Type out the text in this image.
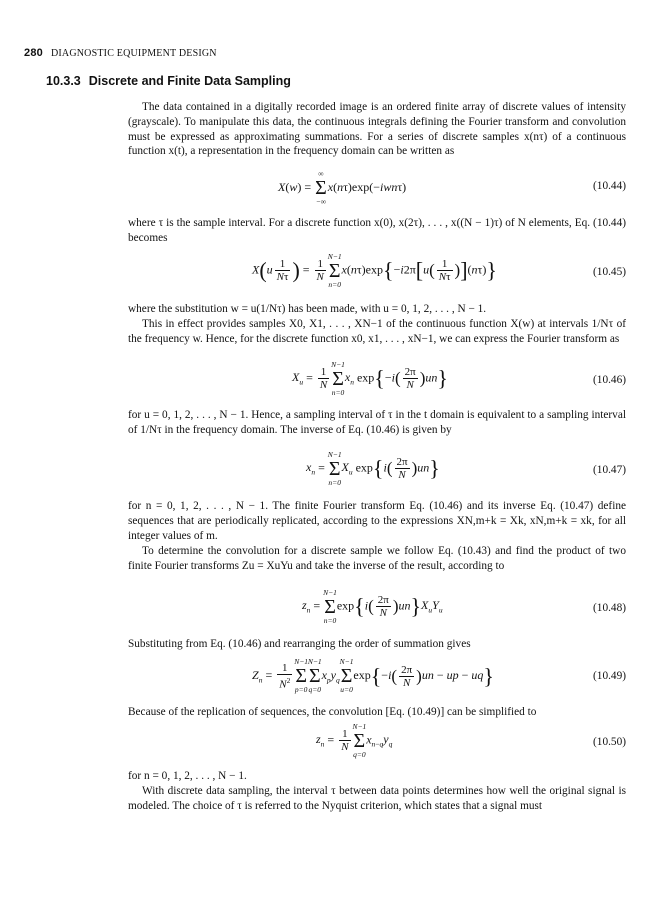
280 DIAGNOSTIC EQUIPMENT DESIGN
10.3.3 Discrete and Finite Data Sampling

The data contained in a digitally recorded image is an ordered finite array of discrete values of intensity (grayscale). To manipulate this data, the continuous integrals defining the Fourier transform and convolution must be expressed as approximating summations. For a series of discrete samples x(nτ) of a continuous function x(t), a representation in the frequency domain can be written as

X(w) = Σ
∞
−∞
x(nτ)exp(−iwnτ)	(10.44)

where τ is the sample interval. For a discrete function x(0), x(2τ), . . . , x((N − 1)τ) of N elements, Eq. (10.44) becomes

$X(u \frac{1}{N\tau}$ ) = $\frac{1}{N}$ Σ
N−1
n=0
$x(n\tau)\exp\{-i2\pi[u( \frac{1}{N\tau} )](n\tau)\}$	(10.45)

where the substitution w = u(1/Nτ) has been made, with u = 0, 1, 2, . . . , N − 1.

This in effect provides samples X0, X1, . . . , XN−1 of the continuous function X(w) at intervals 1/Nτ of the frequency w. Hence, for the discrete function x0, x1, . . . , xN−1, we can express the Fourier transform as

$X_u = \frac{1}{N}$ Σ
N−1
n=0
$x_n$ $\exp\{-i( \frac{2\pi}{N} )un\}$	(10.46)

for u = 0, 1, 2, . . . , N − 1. Hence, a sampling interval of τ in the t domain is equivalent to a sampling interval of 1/Nτ in the frequency domain. The inverse of Eq. (10.46) is given by

$x_n = \Sigma$
N−1
n=0
$X_u$ $\exp\{i( \frac{2\pi}{N} )un\}$	(10.47)

for n = 0, 1, 2, . . . , N − 1. The finite Fourier transform Eq. (10.46) and its inverse Eq. (10.47) define sequences that are periodically replicated, according to the expressions XN,m+k = Xk, xN,m+k = xk, for all integer values of m.

To determine the convolution for a discrete sample we follow Eq. (10.43) and find the product of two finite Fourier transforms Zu = XuYu and take the inverse of the result, according to

$z_n = \Sigma$
N−1
n=0
$\exp\{i( \frac{2\pi}{N} )un\}X_uY_u$	(10.48)

Substituting from Eq. (10.46) and rearranging the order of summation gives

$Z_n = \frac{1}{N^2}$ Σ
N−1
p=0
Σ
N−1
q=0
$x_py_q\Sigma$
N−1
u=0
$\exp\{-i( \frac{2\pi}{N} )un$ − up − uq}	(10.49)

Because of the replication of sequences, the convolution [Eq. (10.49)] can be simplified to

$z_n = \frac{1}{N}$ Σ
N−1
q=0
$x_{n-q}y_q$	(10.50)

for n = 0, 1, 2, . . . , N − 1.

With discrete data sampling, the interval τ between data points determines how well the original signal is modeled. The choice of τ is referred to the Nyquist criterion, which states that a signal must
